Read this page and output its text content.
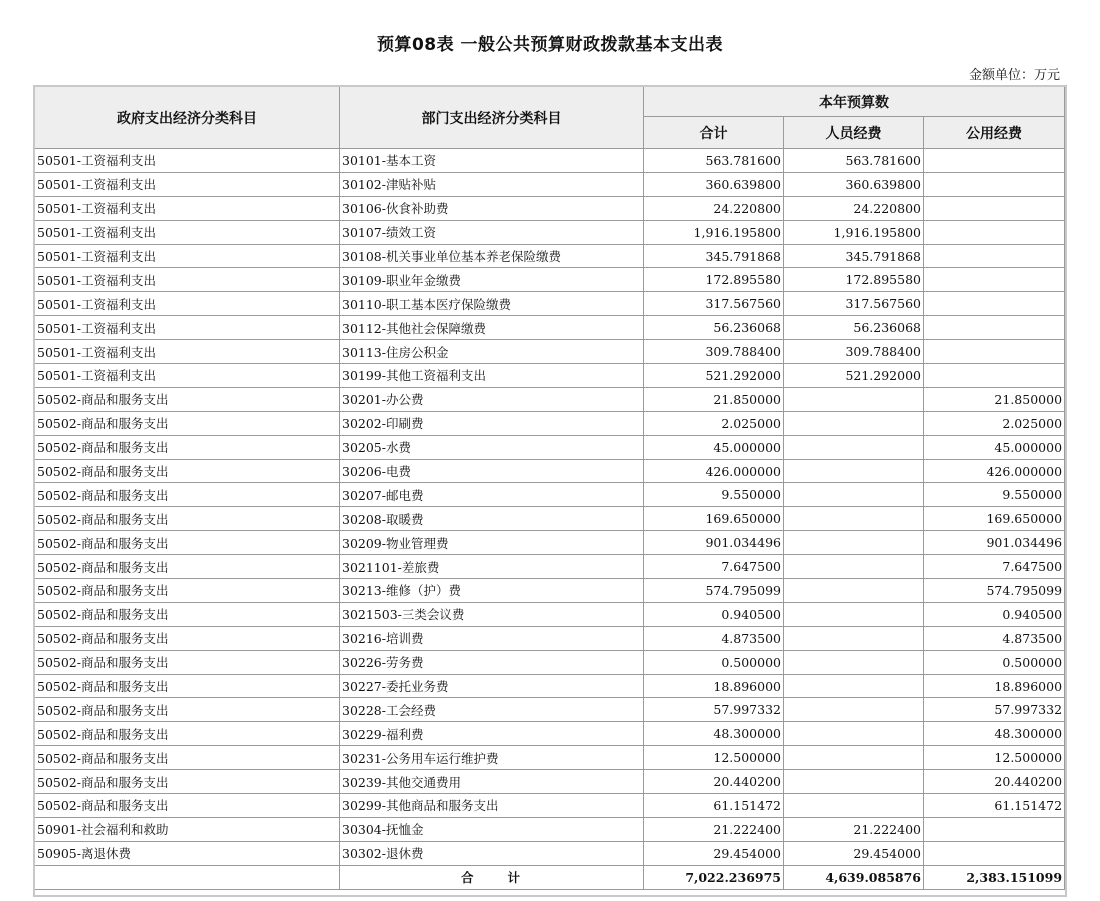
预算08表 一般公共预算财政拨款基本支出表
金额单位：万元
政府支出经济分类科目	部门支出经济分类科目	本年预算数		
		合计	人员经费	公用经费
50501-工资福利支出	30101-基本工资	563.781600	563.781600	
50501-工资福利支出	30102-津贴补贴	360.639800	360.639800	
50501-工资福利支出	30106-伙食补助费	24.220800	24.220800	
50501-工资福利支出	30107-绩效工资	1,916.195800	1,916.195800	
50501-工资福利支出	30108-机关事业单位基本养老保险缴费	345.791868	345.791868	
50501-工资福利支出	30109-职业年金缴费	172.895580	172.895580	
50501-工资福利支出	30110-职工基本医疗保险缴费	317.567560	317.567560	
50501-工资福利支出	30112-其他社会保障缴费	56.236068	56.236068	
50501-工资福利支出	30113-住房公积金	309.788400	309.788400	
50501-工资福利支出	30199-其他工资福利支出	521.292000	521.292000	
50502-商品和服务支出	30201-办公费	21.850000		21.850000
50502-商品和服务支出	30202-印刷费	2.025000		2.025000
50502-商品和服务支出	30205-水费	45.000000		45.000000
50502-商品和服务支出	30206-电费	426.000000		426.000000
50502-商品和服务支出	30207-邮电费	9.550000		9.550000
50502-商品和服务支出	30208-取暖费	169.650000		169.650000
50502-商品和服务支出	30209-物业管理费	901.034496		901.034496
50502-商品和服务支出	3021101-差旅费	7.647500		7.647500
50502-商品和服务支出	30213-维修（护）费	574.795099		574.795099
50502-商品和服务支出	3021503-三类会议费	0.940500		0.940500
50502-商品和服务支出	30216-培训费	4.873500		4.873500
50502-商品和服务支出	30226-劳务费	0.500000		0.500000
50502-商品和服务支出	30227-委托业务费	18.896000		18.896000
50502-商品和服务支出	30228-工会经费	57.997332		57.997332
50502-商品和服务支出	30229-福利费	48.300000		48.300000
50502-商品和服务支出	30231-公务用车运行维护费	12.500000		12.500000
50502-商品和服务支出	30239-其他交通费用	20.440200		20.440200
50502-商品和服务支出	30299-其他商品和服务支出	61.151472		61.151472
50901-社会福利和救助	30304-抚恤金	21.222400	21.222400	
50905-离退休费	30302-退休费	29.454000	29.454000	
	合 计	7,022.236975	4,639.085876	2,383.151099
